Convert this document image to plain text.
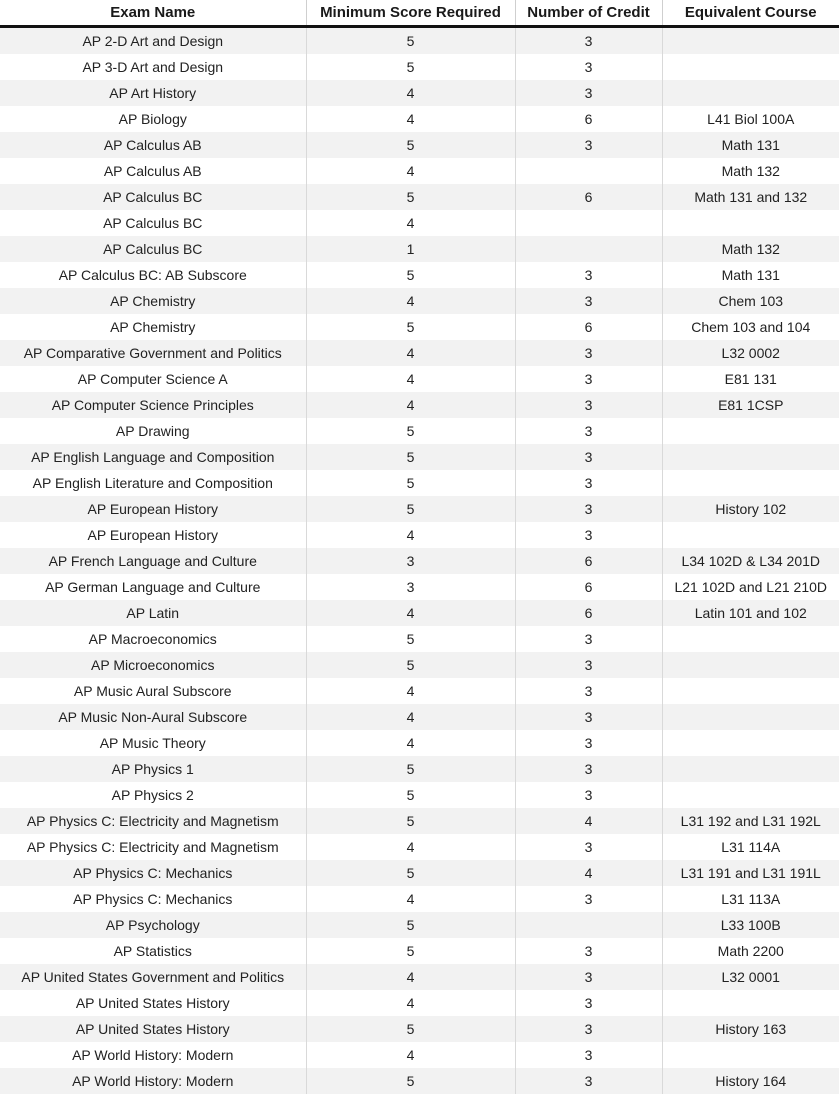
Exam Name	Minimum Score Required	Number of Credit	Equivalent Course
AP 2-D Art and Design	5	3	
AP 3-D Art and Design	5	3	
AP Art History	4	3	
AP Biology	4	6	L41 Biol 100A
AP Calculus AB	5	3	Math 131
AP Calculus AB	4		Math 132
AP Calculus BC	5	6	Math 131 and 132
AP Calculus BC	4		
AP Calculus BC	1		Math 132
AP Calculus BC: AB Subscore	5	3	Math 131
AP Chemistry	4	3	Chem 103
AP Chemistry	5	6	Chem 103 and 104
AP Comparative Government and Politics	4	3	L32 0002
AP Computer Science A	4	3	E81 131
AP Computer Science Principles	4	3	E81 1CSP
AP Drawing	5	3	
AP English Language and Composition	5	3	
AP English Literature and Composition	5	3	
AP European History	5	3	History 102
AP European History	4	3	
AP French Language and Culture	3	6	L34 102D & L34 201D
AP German Language and Culture	3	6	L21 102D and L21 210D
AP Latin	4	6	Latin 101 and 102
AP Macroeconomics	5	3	
AP Microeconomics	5	3	
AP Music Aural Subscore	4	3	
AP Music Non-Aural Subscore	4	3	
AP Music Theory	4	3	
AP Physics 1	5	3	
AP Physics 2	5	3	
AP Physics C: Electricity and Magnetism	5	4	L31 192 and L31 192L
AP Physics C: Electricity and Magnetism	4	3	L31 114A
AP Physics C: Mechanics	5	4	L31 191 and L31 191L
AP Physics C: Mechanics	4	3	L31 113A
AP Psychology	5		L33 100B
AP Statistics	5	3	Math 2200
AP United States Government and Politics	4	3	L32 0001
AP United States History	4	3	
AP United States History	5	3	History 163
AP World History: Modern	4	3	
AP World History: Modern	5	3	History 164
